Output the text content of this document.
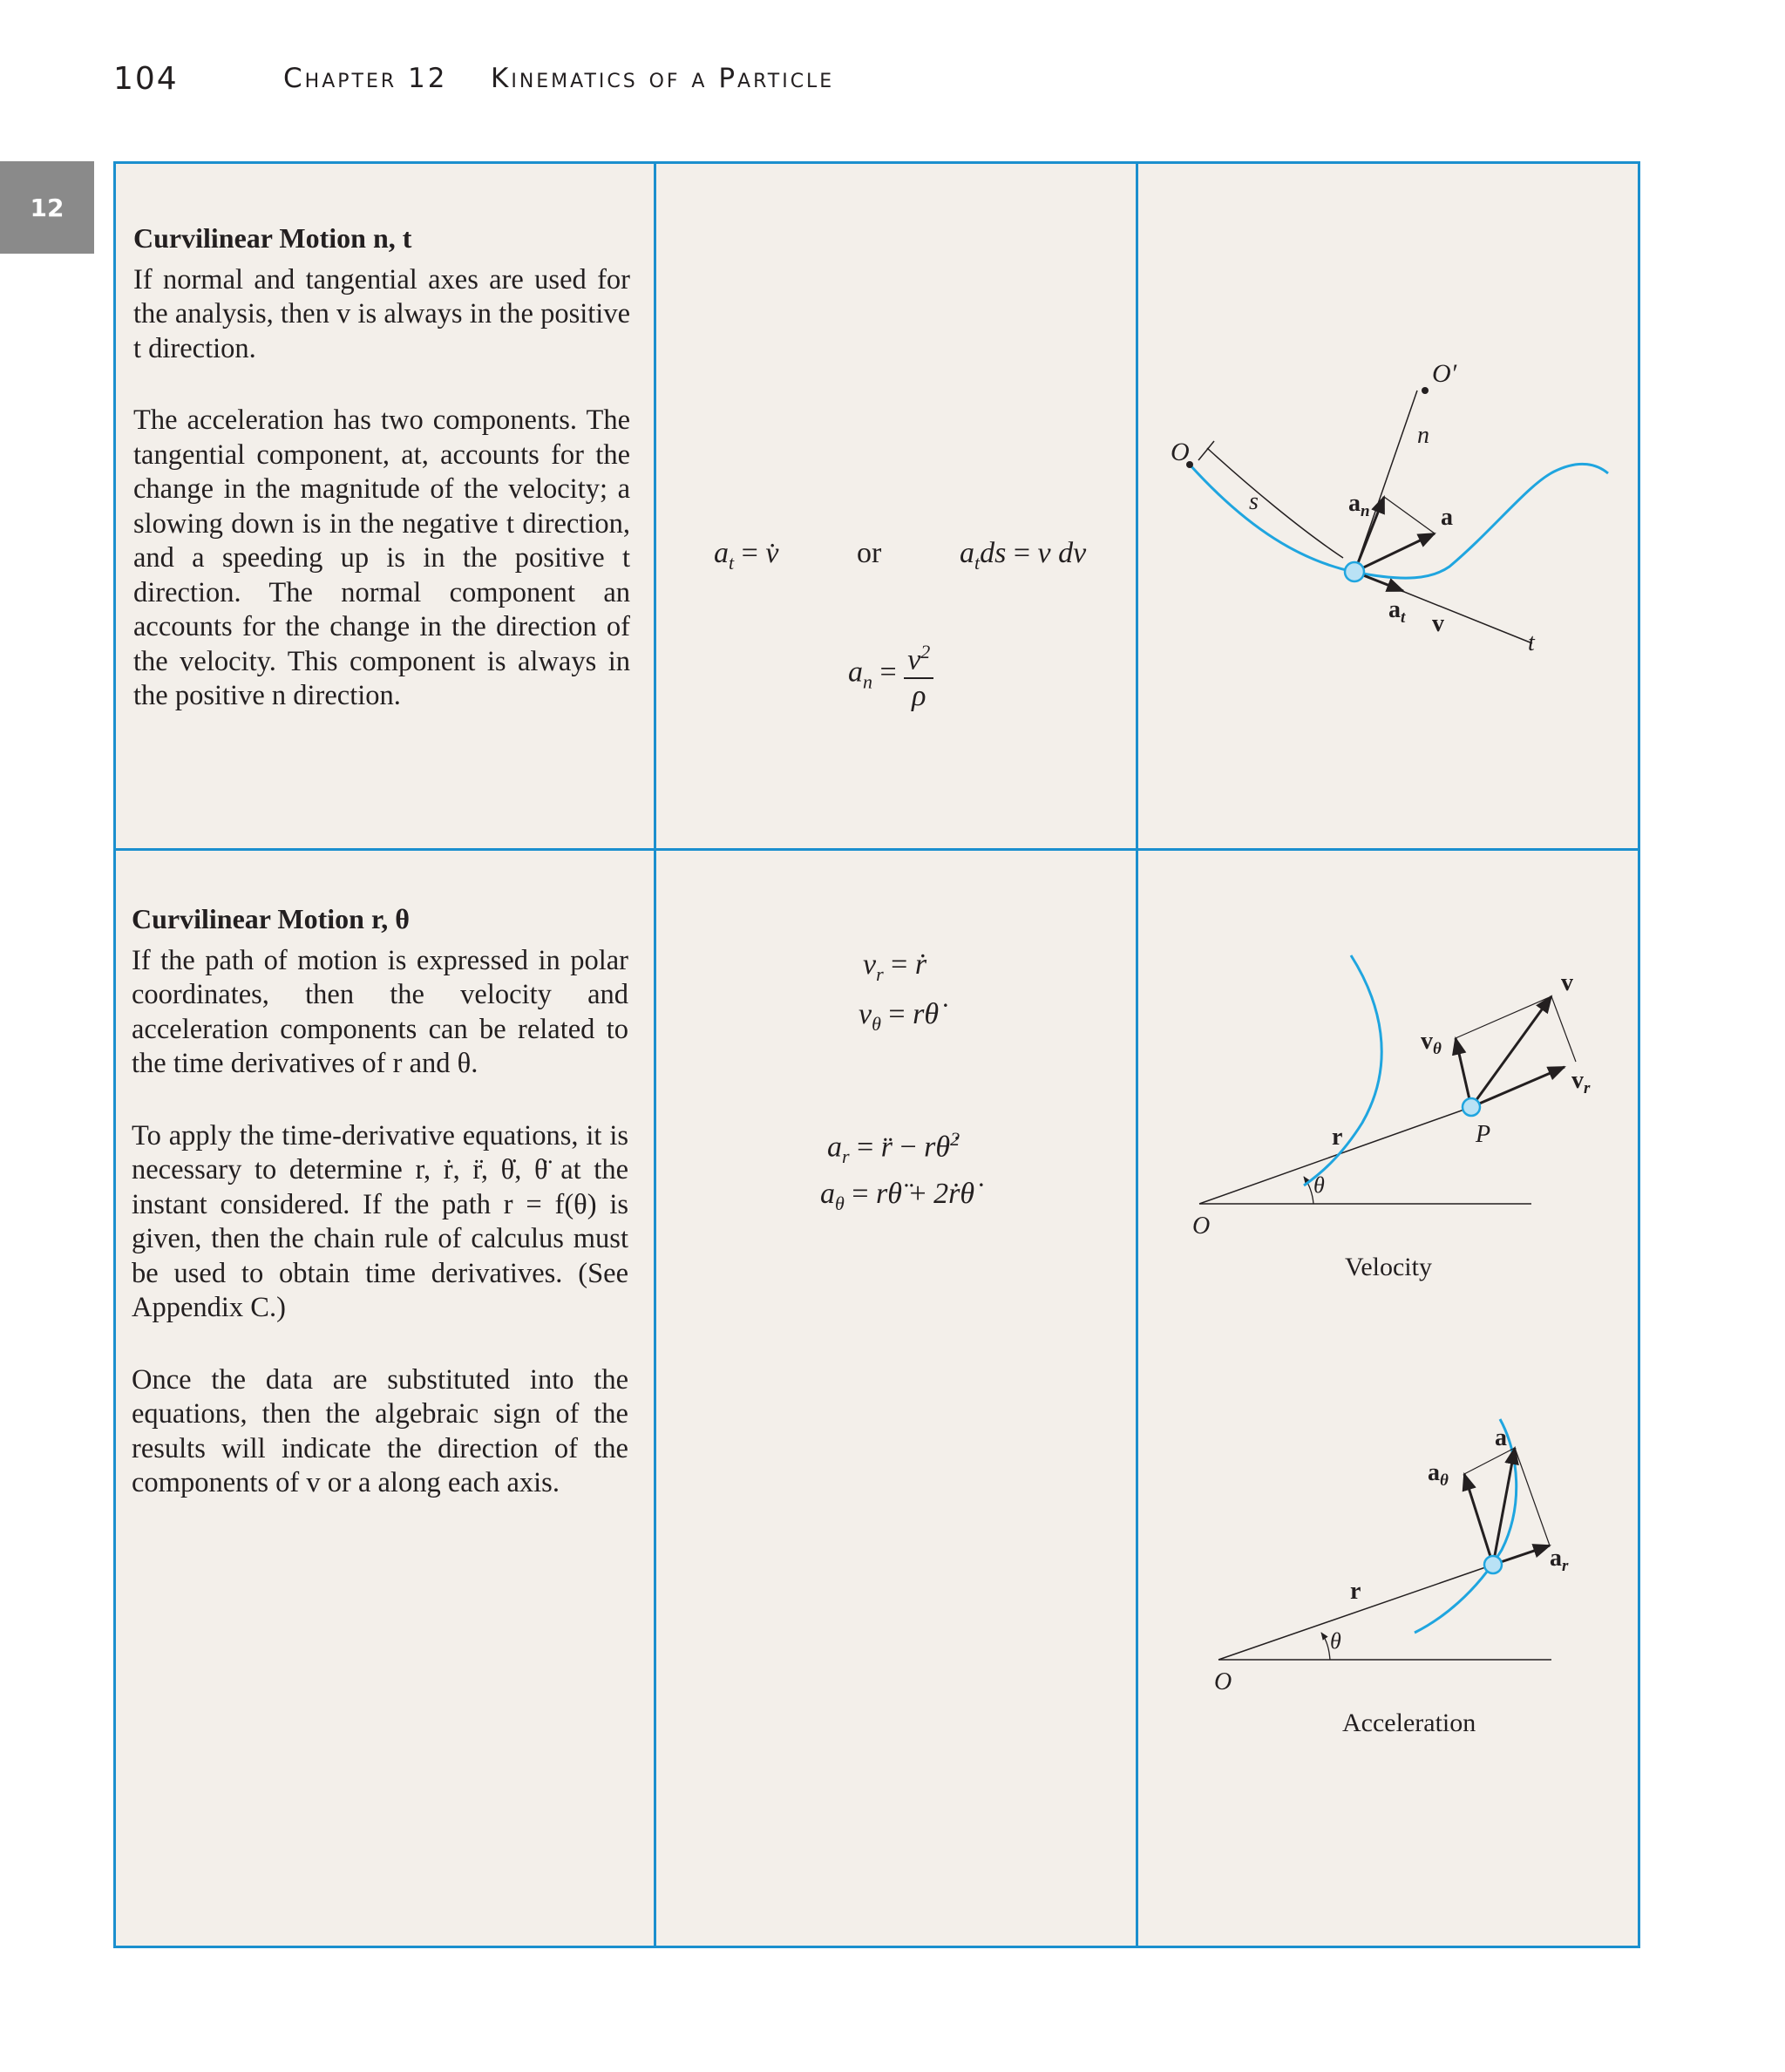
104	Chapter 12 Kinematics of a Particle
12
Curvilinear Motion n, t

If normal and tangential axes are used for the analysis, then v is always in the positive t direction.

The acceleration has two components. The tangential component, at, accounts for the change in the magnitude of the velocity; a slowing down is in the negative t direction, and a speeding up is in the positive t direction. The normal component an accounts for the change in the direction of the velocity. This component is always in the positive n direction.

$a_t$ = v̇	or	$a_tds = v$ dv
$a_n = \frac{v^2}{\rho}$
O
s
O′
n
t
$a_n$	a
$a_t$ v
Curvilinear Motion r, θ

If the path of motion is expressed in polar coordinates, then the velocity and acceleration components can be related to the time derivatives of r and θ.

To apply the time-derivative equations, it is necessary to determine r, ṙ, r̈, θ̇, θ̈ at the instant considered. If the path r = f(θ) is given, then the chain rule of calculus must be used to obtain time derivatives. (See Appendix C.)

Once the data are substituted into the equations, then the algebraic sign of the results will indicate the direction of the components of v or a along each axis.

$v_r$ = ṙ
$v_\theta$ = rθ̇
$a_r$ = r̈ − rθ̇$^2$
$a_\theta$ = rθ̈ + 2ṙθ̇
v
$v_\theta$
$v_r$
r	P
θ
O
Velocity
a
$a_\theta$
$a_r$
r
θ
O
Acceleration
